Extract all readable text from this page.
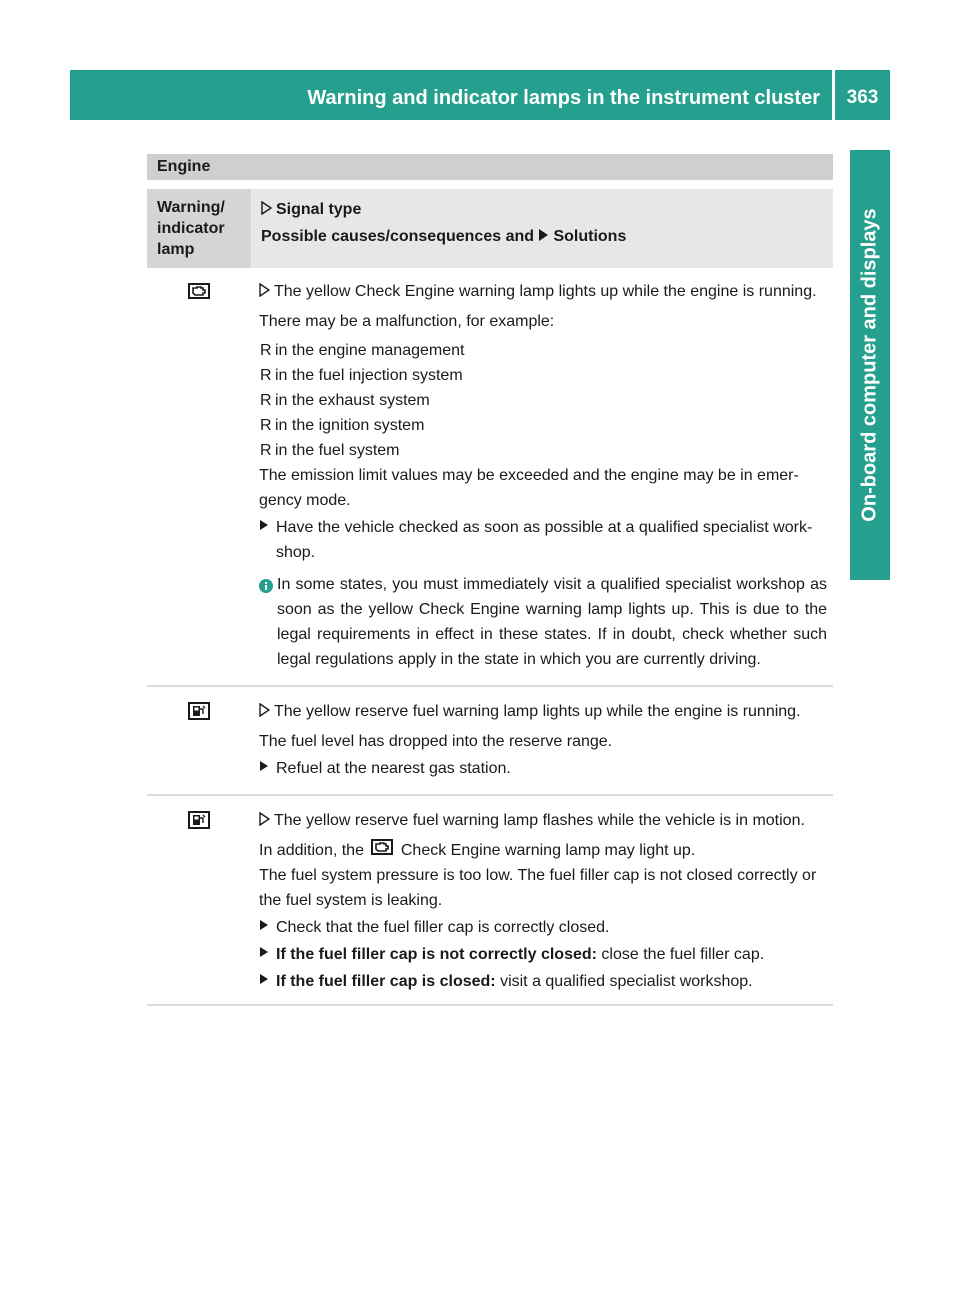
Warning and indicator lamps in the instrument cluster	363
On-board computer and displays
Engine
Warning/ indicator lamp
Signal type
Possible causes/consequences and Solutions
The yellow Check Engine warning lamp lights up while the engine is running.
There may be a malfunction, for example:
R in the engine management
R in the fuel injection system
R in the exhaust system
R in the ignition system
R in the fuel system
The emission limit values may be exceeded and the engine may be in emer- gency mode.
Have the vehicle checked as soon as possible at a qualified specialist work- shop.
In some states, you must immediately visit a qualified specialist workshop as soon as the yellow Check Engine warning lamp lights up. This is due to the legal requirements in effect in these states. If in doubt, check whether such legal regulations apply in the state in which you are currently driving.
The yellow reserve fuel warning lamp lights up while the engine is running.
The fuel level has dropped into the reserve range.
Refuel at the nearest gas station.
The yellow reserve fuel warning lamp flashes while the vehicle is in motion.
In addition, the Check Engine warning lamp may light up.
The fuel system pressure is too low. The fuel filler cap is not closed correctly or the fuel system is leaking.
Check that the fuel filler cap is correctly closed.
If the fuel filler cap is not correctly closed: close the fuel filler cap.
If the fuel filler cap is closed: visit a qualified specialist workshop.
